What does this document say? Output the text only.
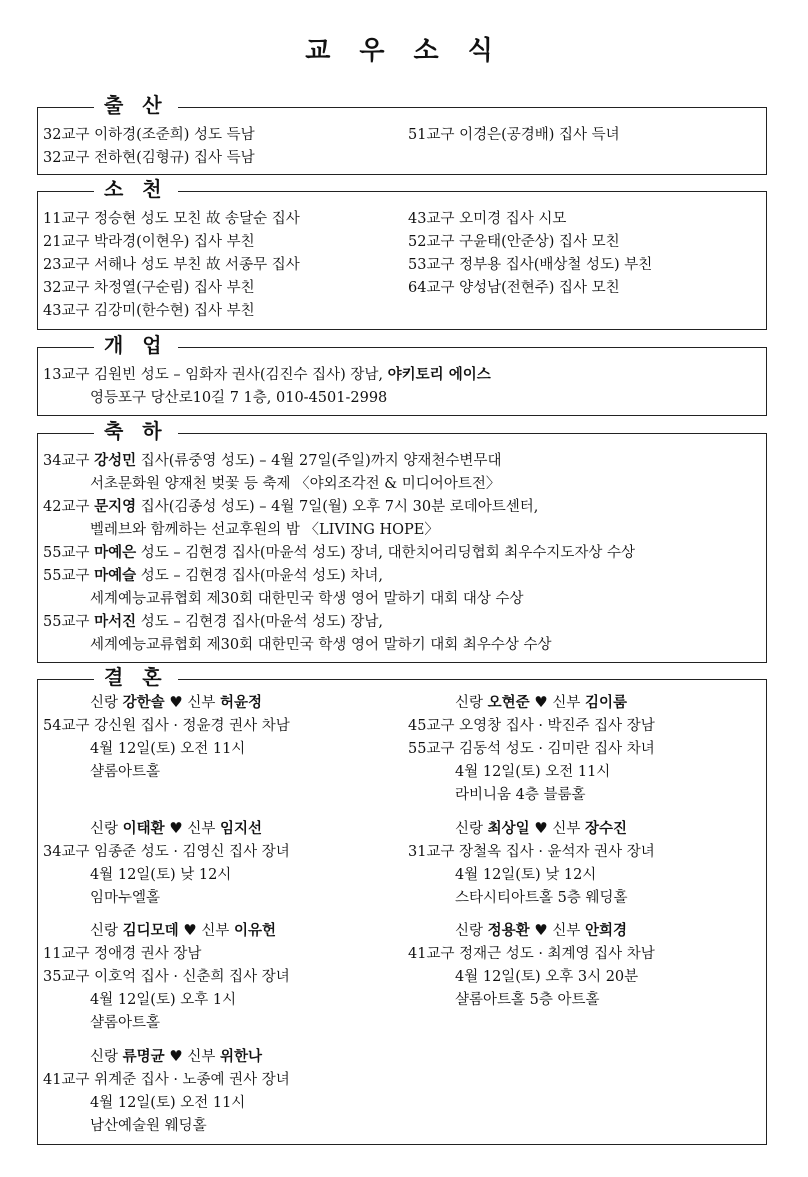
교 우 소 식
출 산
32교구 이하경(조준희) 성도 득남
32교구 전하현(김형규) 집사 득남
51교구 이경은(공경배) 집사 득녀
소 천
11교구 정승현 성도 모친 故 송달순 집사
21교구 박라경(이현우) 집사 부친
23교구 서해나 성도 부친 故 서종무 집사
32교구 차정열(구순림) 집사 부친
43교구 김강미(한수현) 집사 부친
43교구 오미경 집사 시모
52교구 구윤태(안준상) 집사 모친
53교구 정부용 집사(배상철 성도) 부친
64교구 양성남(전현주) 집사 모친
개 업
13교구 김원빈 성도 – 임화자 권사(김진수 집사) 장남, 야키토리 에이스
영등포구 당산로10길 7 1층, 010-4501-2998
축 하
34교구 강성민 집사(류중영 성도) – 4월 27일(주일)까지 양재천수변무대
서초문화원 양재천 벚꽃 등 축제 〈야외조각전 & 미디어아트전〉
42교구 문지영 집사(김종성 성도) – 4월 7일(월) 오후 7시 30분 로데아트센터,
벨레브와 함께하는 선교후원의 밤 〈LIVING HOPE〉
55교구 마예은 성도 – 김현경 집사(마윤석 성도) 장녀, 대한치어리딩협회 최우수지도자상 수상
55교구 마예슬 성도 – 김현경 집사(마윤석 성도) 차녀,
세계예능교류협회 제30회 대한민국 학생 영어 말하기 대회 대상 수상
55교구 마서진 성도 – 김현경 집사(마윤석 성도) 장남,
세계예능교류협회 제30회 대한민국 학생 영어 말하기 대회 최우수상 수상
결 혼
신랑 강한솔 ♥ 신부 허윤정
54교구 강신원 집사 · 정윤경 권사 차남
4월 12일(토) 오전 11시
샬롬아트홀
신랑 오현준 ♥ 신부 김이룸
45교구 오영창 집사 · 박진주 집사 장남
55교구 김동석 성도 · 김미란 집사 차녀
4월 12일(토) 오전 11시
라비니움 4층 블룸홀
신랑 이태환 ♥ 신부 임지선
34교구 임종준 성도 · 김영신 집사 장녀
4월 12일(토) 낮 12시
임마누엘홀
신랑 최상일 ♥ 신부 장수진
31교구 장철옥 집사 · 윤석자 권사 장녀
4월 12일(토) 낮 12시
스타시티아트홀 5층 웨딩홀
신랑 김디모데 ♥ 신부 이유헌
11교구 정애경 권사 장남
35교구 이호억 집사 · 신춘희 집사 장녀
4월 12일(토) 오후 1시
샬롬아트홀
신랑 정용환 ♥ 신부 안희경
41교구 정재근 성도 · 최계영 집사 차남
4월 12일(토) 오후 3시 20분
샬롬아트홀 5층 아트홀
신랑 류명균 ♥ 신부 위한나
41교구 위계준 집사 · 노종예 권사 장녀
4월 12일(토) 오전 11시
남산예술원 웨딩홀
